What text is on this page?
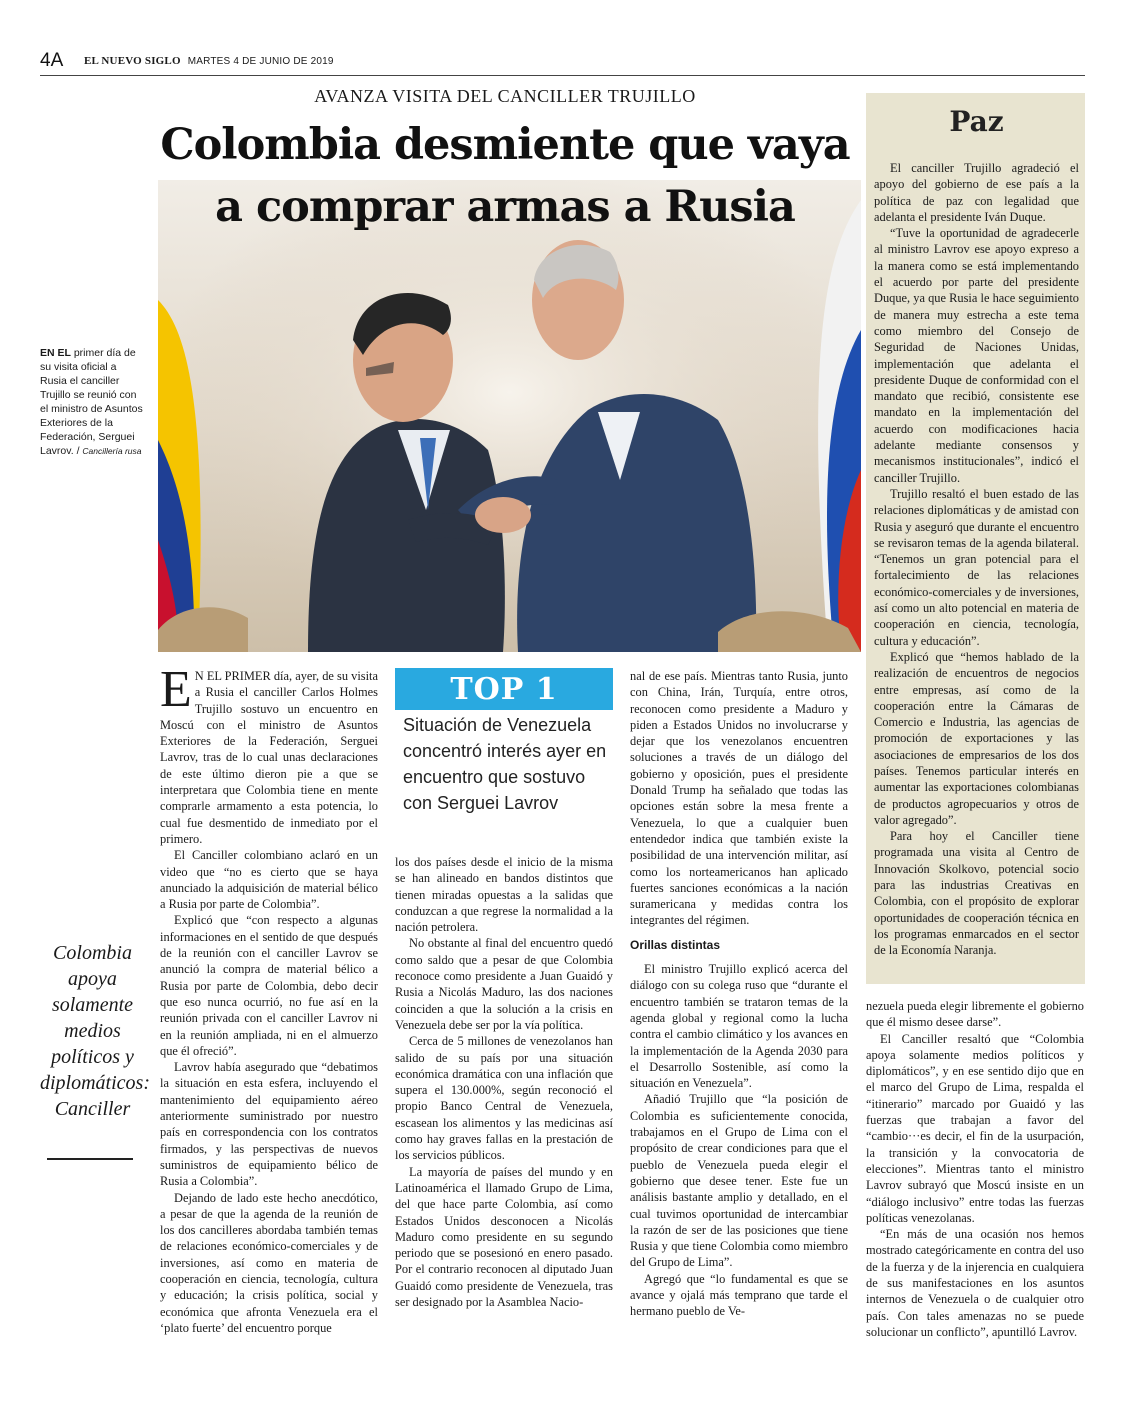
4A EL NUEVO SIGLO MARTES 4 DE JUNIO DE 2019
AVANZA VISITA DEL CANCILLER TRUJILLO
Colombia desmiente que vaya
a comprar armas a Rusia
EN EL primer día de su visita oficial a Rusia el canciller Trujillo se reunió con el ministro de Asuntos Exteriores de la Federación, Serguei Lavrov. / Cancillería rusa
Colombia apoya solamente medios políticos y diplomáticos: Canciller

E N EL PRIMER día, ayer, de su visita a Rusia el canciller Carlos Holmes Trujillo sostuvo un encuentro en Moscú con el ministro de Asuntos Exteriores de la Federación, Serguei Lavrov, tras de lo cual unas declaraciones de este último dieron pie a que se interpretara que Colombia tiene en mente comprarle armamento a esta potencia, lo cual fue desmentido de inmediato por el primero.

El Canciller colombiano aclaró en un video que “no es cierto que se haya anunciado la adquisición de material bélico a Rusia por parte de Colombia”.

Explicó que “con respecto a algunas informaciones en el sentido de que después de la reunión con el canciller Lavrov se anunció la compra de material bélico a Rusia por parte de Colombia, debo decir que eso nunca ocurrió, no fue así en la reunión privada con el canciller Lavrov ni en la reunión ampliada, ni en el almuerzo que él ofreció”.

Lavrov había asegurado que “debatimos la situación en esta esfera, incluyendo el mantenimiento del equipamiento aéreo anteriormente suministrado por nuestro país en correspondencia con los contratos firmados, y las perspectivas de nuevos suministros de equipamiento bélico de Rusia a Colombia”.

Dejando de lado este hecho anecdótico, a pesar de que la agenda de la reunión de los dos cancilleres abordaba también temas de relaciones económico-comerciales y de inversiones, así como en materia de cooperación en ciencia, tecnología, cultura y educación; la crisis política, social y económica que afronta Venezuela era el ‘plato fuerte’ del encuentro porque

TOP 1
Situación de Venezuela concentró interés ayer en encuentro que sostuvo con Serguei Lavrov

los dos países desde el inicio de la misma se han alineado en bandos distintos que tienen miradas opuestas a la salidas que conduzcan a que regrese la normalidad a la nación petrolera.

No obstante al final del encuentro quedó como saldo que a pesar de que Colombia reconoce como presidente a Juan Guaidó y Rusia a Nicolás Maduro, las dos naciones coinciden a que la solución a la crisis en Venezuela debe ser por la vía política.

Cerca de 5 millones de venezolanos han salido de su país por una situación económica dramática con una inflación que supera el 130.000%, según reconoció el propio Banco Central de Venezuela, escasean los alimentos y las medicinas así como hay graves fallas en la prestación de los servicios públicos.

La mayoría de países del mundo y en Latinoamérica el llamado Grupo de Lima, del que hace parte Colombia, así como Estados Unidos desconocen a Nicolás Maduro como presidente en su segundo periodo que se posesionó en enero pasado. Por el contrario reconocen al diputado Juan Guaidó como presidente de Venezuela, tras ser designado por la Asamblea Nacio-

nal de ese país. Mientras tanto Rusia, junto con China, Irán, Turquía, entre otros, reconocen como presidente a Maduro y piden a Estados Unidos no involucrarse y dejar que los venezolanos encuentren soluciones a través de un diálogo del gobierno y oposición, pues el presidente Donald Trump ha señalado que todas las opciones están sobre la mesa frente a Venezuela, lo que a cualquier buen entendedor indica que también existe la posibilidad de una intervención militar, así como los norteamericanos han aplicado fuertes sanciones económicas a la nación suramericana y medidas contra los integrantes del régimen.

Orillas distintas

El ministro Trujillo explicó acerca del diálogo con su colega ruso que “durante el encuentro también se trataron temas de la agenda global y regional como la lucha contra el cambio climático y los avances en la implementación de la Agenda 2030 para el Desarrollo Sostenible, así como la situación en Venezuela”.

Añadió Trujillo que “la posición de Colombia es suficientemente conocida, trabajamos en el Grupo de Lima con el propósito de crear condiciones para que el pueblo de Venezuela pueda elegir el gobierno que desee tener. Este fue un análisis bastante amplio y detallado, en el cual tuvimos oportunidad de intercambiar la razón de ser de las posiciones que tiene Rusia y que tiene Colombia como miembro del Grupo de Lima”.

Agregó que “lo fundamental es que se avance y ojalá más temprano que tarde el hermano pueblo de Ve-

Paz

El canciller Trujillo agradeció el apoyo del gobierno de ese país a la política de paz con legalidad que adelanta el presidente Iván Duque.

“Tuve la oportunidad de agradecerle al ministro Lavrov ese apoyo expreso a la manera como se está implementando el acuerdo por parte del presidente Duque, ya que Rusia le hace seguimiento de manera muy estrecha a este tema como miembro del Consejo de Seguridad de Naciones Unidas, implementación que adelanta el presidente Duque de conformidad con el mandato que recibió, consistente ese mandato en la implementación del acuerdo con modificaciones hacia adelante mediante consensos y mecanismos institucionales”, indicó el canciller Trujillo.

Trujillo resaltó el buen estado de las relaciones diplomáticas y de amistad con Rusia y aseguró que durante el encuentro se revisaron temas de la agenda bilateral. “Tenemos un gran potencial para el fortalecimiento de las relaciones económico-comerciales y de inversiones, así como un alto potencial en materia de cooperación en ciencia, tecnología, cultura y educación”.

Explicó que “hemos hablado de la realización de encuentros de negocios entre empresas, así como de la cooperación entre la Cámaras de Comercio e Industria, las agencias de promoción de exportaciones y las asociaciones de empresarios de los dos países. Tenemos particular interés en aumentar las exportaciones colombianas de productos agropecuarios y otros de valor agregado”.

Para hoy el Canciller tiene programada una visita al Centro de Innovación Skolkovo, potencial socio para las industrias Creativas en Colombia, con el propósito de explorar oportunidades de cooperación técnica en los programas enmarcados en el sector de la Economía Naranja.

nezuela pueda elegir libremente el gobierno que él mismo desee darse”.

El Canciller resaltó que “Colombia apoya solamente medios políticos y diplomáticos”, y en ese sentido dijo que en el marco del Grupo de Lima, respalda el “itinerario” marcado por Guaidó y las fuerzas que trabajan a favor del “cambio···es decir, el fin de la usurpación, la transición y la convocatoria de elecciones”. Mientras tanto el ministro Lavrov subrayó que Moscú insiste en un “diálogo inclusivo” entre todas las fuerzas políticas venezolanas.

“En más de una ocasión nos hemos mostrado categóricamente en contra del uso de la fuerza y de la injerencia en cualquiera de sus manifestaciones en los asuntos internos de Venezuela o de cualquier otro país. Con tales amenazas no se puede solucionar un conflicto”, apuntilló Lavrov.
